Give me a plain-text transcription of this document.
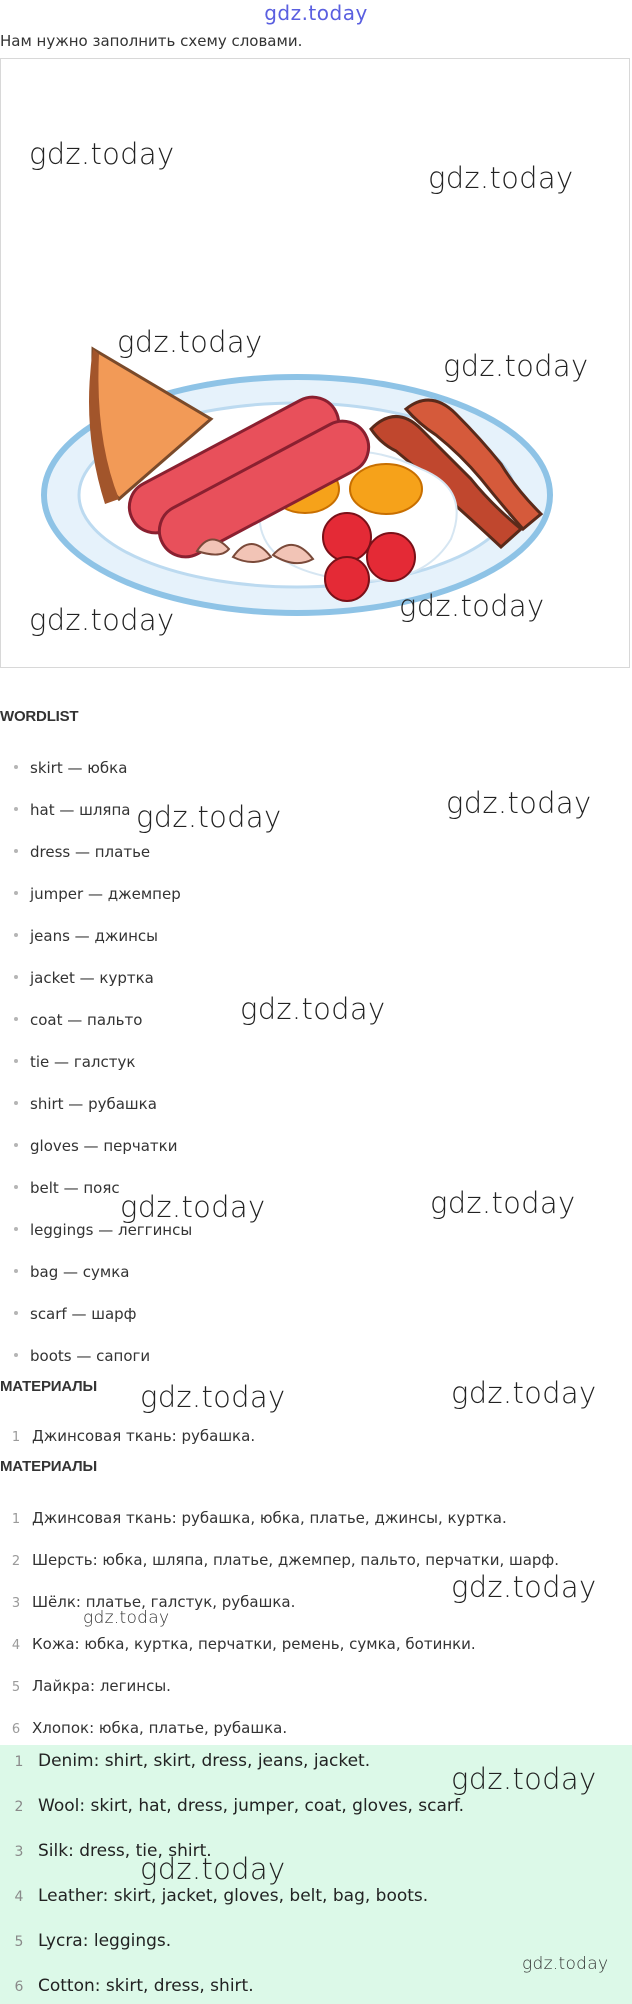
gdz.today
Нам нужно заполнить схему словами.
gdz.today
gdz.today
gdz.today
gdz.today
gdz.today
gdz.today
WORDLIST
skirt — юбка
hat — шляпа
dress — платье
jumper — джемпер
jeans — джинсы
jacket — куртка
coat — пальто
tie — галстук
shirt — рубашка
gloves — перчатки
belt — пояс
leggings — леггинсы
bag — сумка
scarf — шарф
boots — сапоги
МАТЕРИАЛЫ
1 Джинсовая ткань: рубашка.
МАТЕРИАЛЫ
1 Джинсовая ткань: рубашка, юбка, платье, джинсы, куртка.
2 Шерсть: юбка, шляпа, платье, джемпер, пальто, перчатки, шарф.
3 Шёлк: платье, галстук, рубашка.
4 Кожа: юбка, куртка, перчатки, ремень, сумка, ботинки.
5 Лайкра: легинсы.
6 Хлопок: юбка, платье, рубашка.
1 Denim: shirt, skirt, dress, jeans, jacket.
2 Wool: skirt, hat, dress, jumper, coat, gloves, scarf.
3 Silk: dress, tie, shirt.
4 Leather: skirt, jacket, gloves, belt, bag, boots.
5 Lycra: leggings.
6 Cotton: skirt, dress, shirt.
gdz.today	gdz.today
gdz.today
gdz.today	gdz.today
gdz.today	gdz.today
gdz.today
gdz.today
gdz.today
gdz.today
gdz.today
